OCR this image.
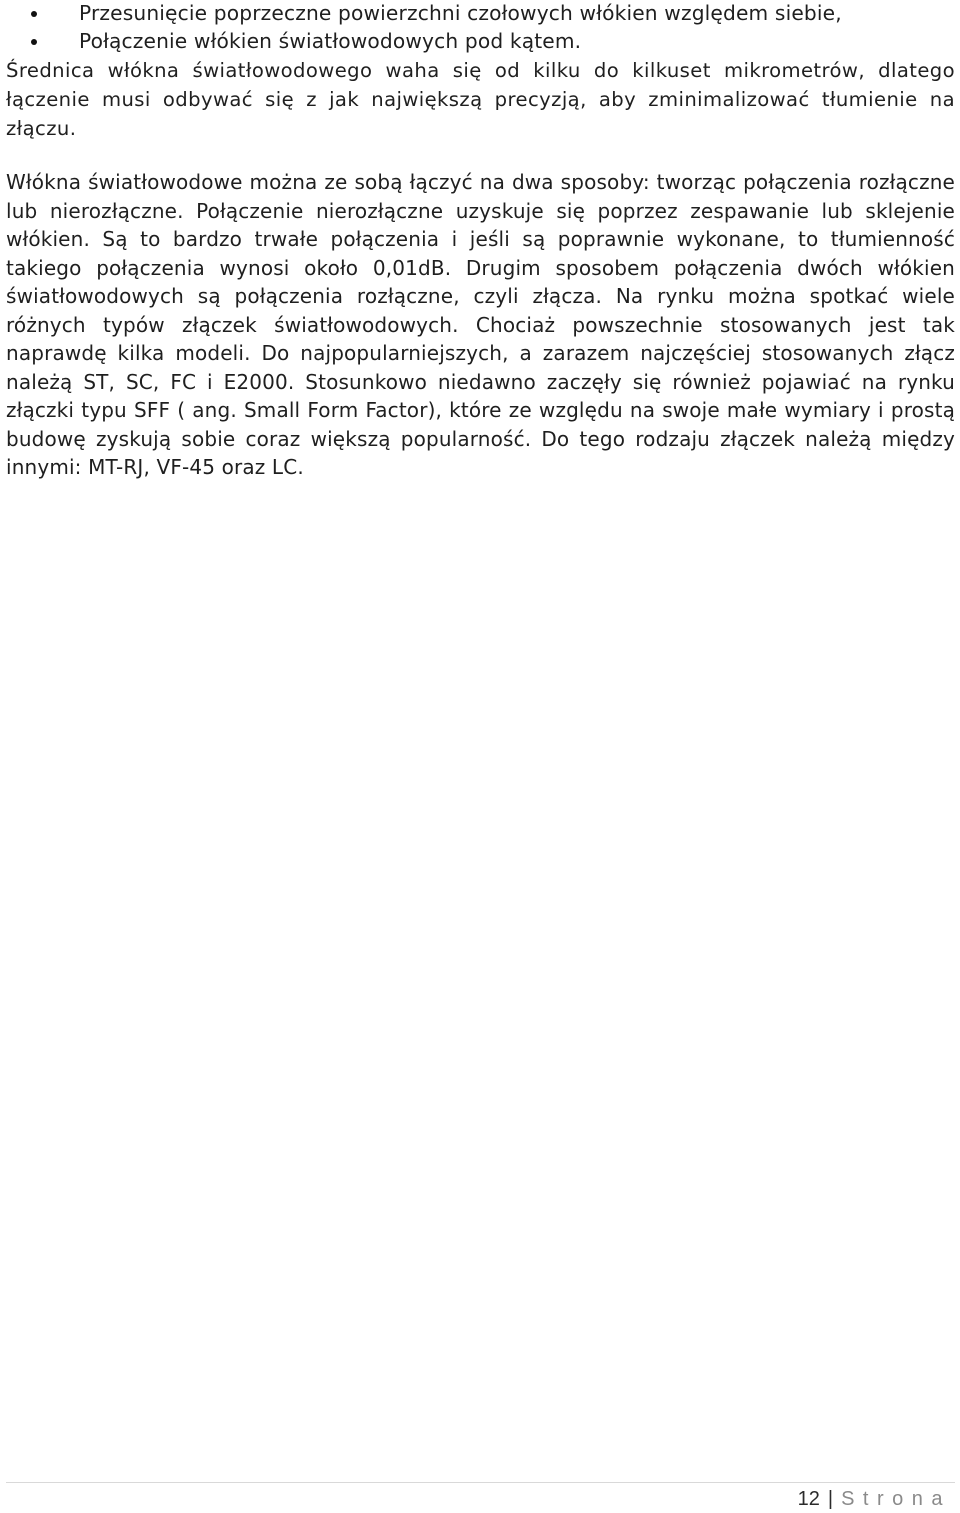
Przesunięcie poprzeczne powierzchni czołowych włókien względem siebie,
Połączenie włókien światłowodowych pod kątem.

Średnica włókna światłowodowego waha się od kilku do kilkuset mikrometrów, dlatego łączenie musi odbywać się z jak największą precyzją, aby zminimalizować tłumienie na złączu.

Włókna światłowodowe można ze sobą łączyć na dwa sposoby: tworząc połączenia rozłączne lub nierozłączne. Połączenie nierozłączne uzyskuje się poprzez zespawanie lub sklejenie włókien. Są to bardzo trwałe połączenia i jeśli są poprawnie wykonane, to tłumienność takiego połączenia wynosi około 0,01dB. Drugim sposobem połączenia dwóch włókien światłowodowych są połączenia rozłączne, czyli złącza. Na rynku można spotkać wiele różnych typów złączek światłowodowych. Chociaż powszechnie stosowanych jest tak naprawdę kilka modeli. Do najpopularniejszych, a zarazem najczęściej stosowanych złącz należą ST, SC, FC i E2000. Stosunkowo niedawno zaczęły się również pojawiać na rynku złączki typu SFF ( ang. Small Form Factor), które ze względu na swoje małe wymiary i prostą budowę zyskują sobie coraz większą popularność. Do tego rodzaju złączek należą między innymi: MT-RJ, VF-45 oraz LC.

12 | Strona
